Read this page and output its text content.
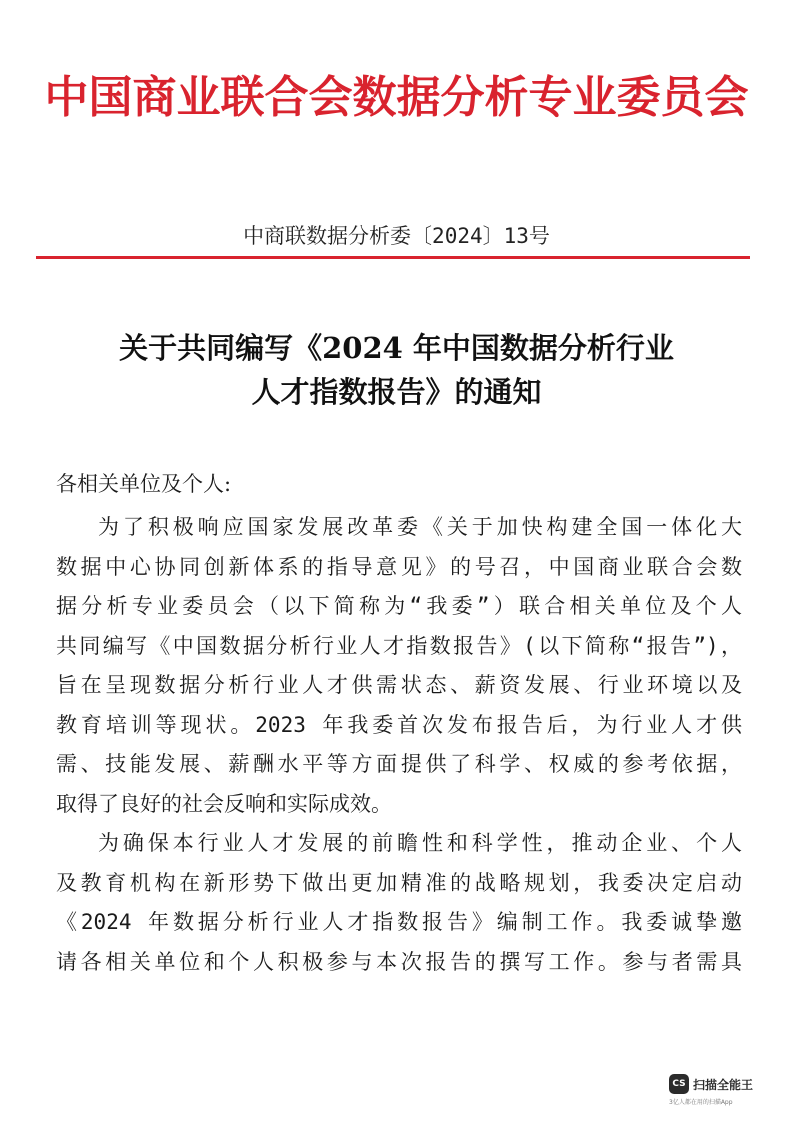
中国商业联合会数据分析专业委员会
中商联数据分析委〔2024〕13号
关于共同编写《2024 年中国数据分析行业
人才指数报告》的通知
各相关单位及个人:
为了积极响应国家发展改革委《关于加快构建全国一体化大
数据中心协同创新体系的指导意见》的号召，中国商业联合会数
据分析专业委员会（以下简称为“我委”）联合相关单位及个人
共同编写《中国数据分析行业人才指数报告》(以下简称“报告”)，
旨在呈现数据分析行业人才供需状态、薪资发展、行业环境以及
教育培训等现状。2023 年我委首次发布报告后，为行业人才供
需、技能发展、薪酬水平等方面提供了科学、权威的参考依据，
取得了良好的社会反响和实际成效。
为确保本行业人才发展的前瞻性和科学性，推动企业、个人
及教育机构在新形势下做出更加精准的战略规划，我委决定启动
《2024 年数据分析行业人才指数报告》编制工作。我委诚挚邀
请各相关单位和个人积极参与本次报告的撰写工作。参与者需具
CS 扫描全能王
3亿人都在用的扫描App
